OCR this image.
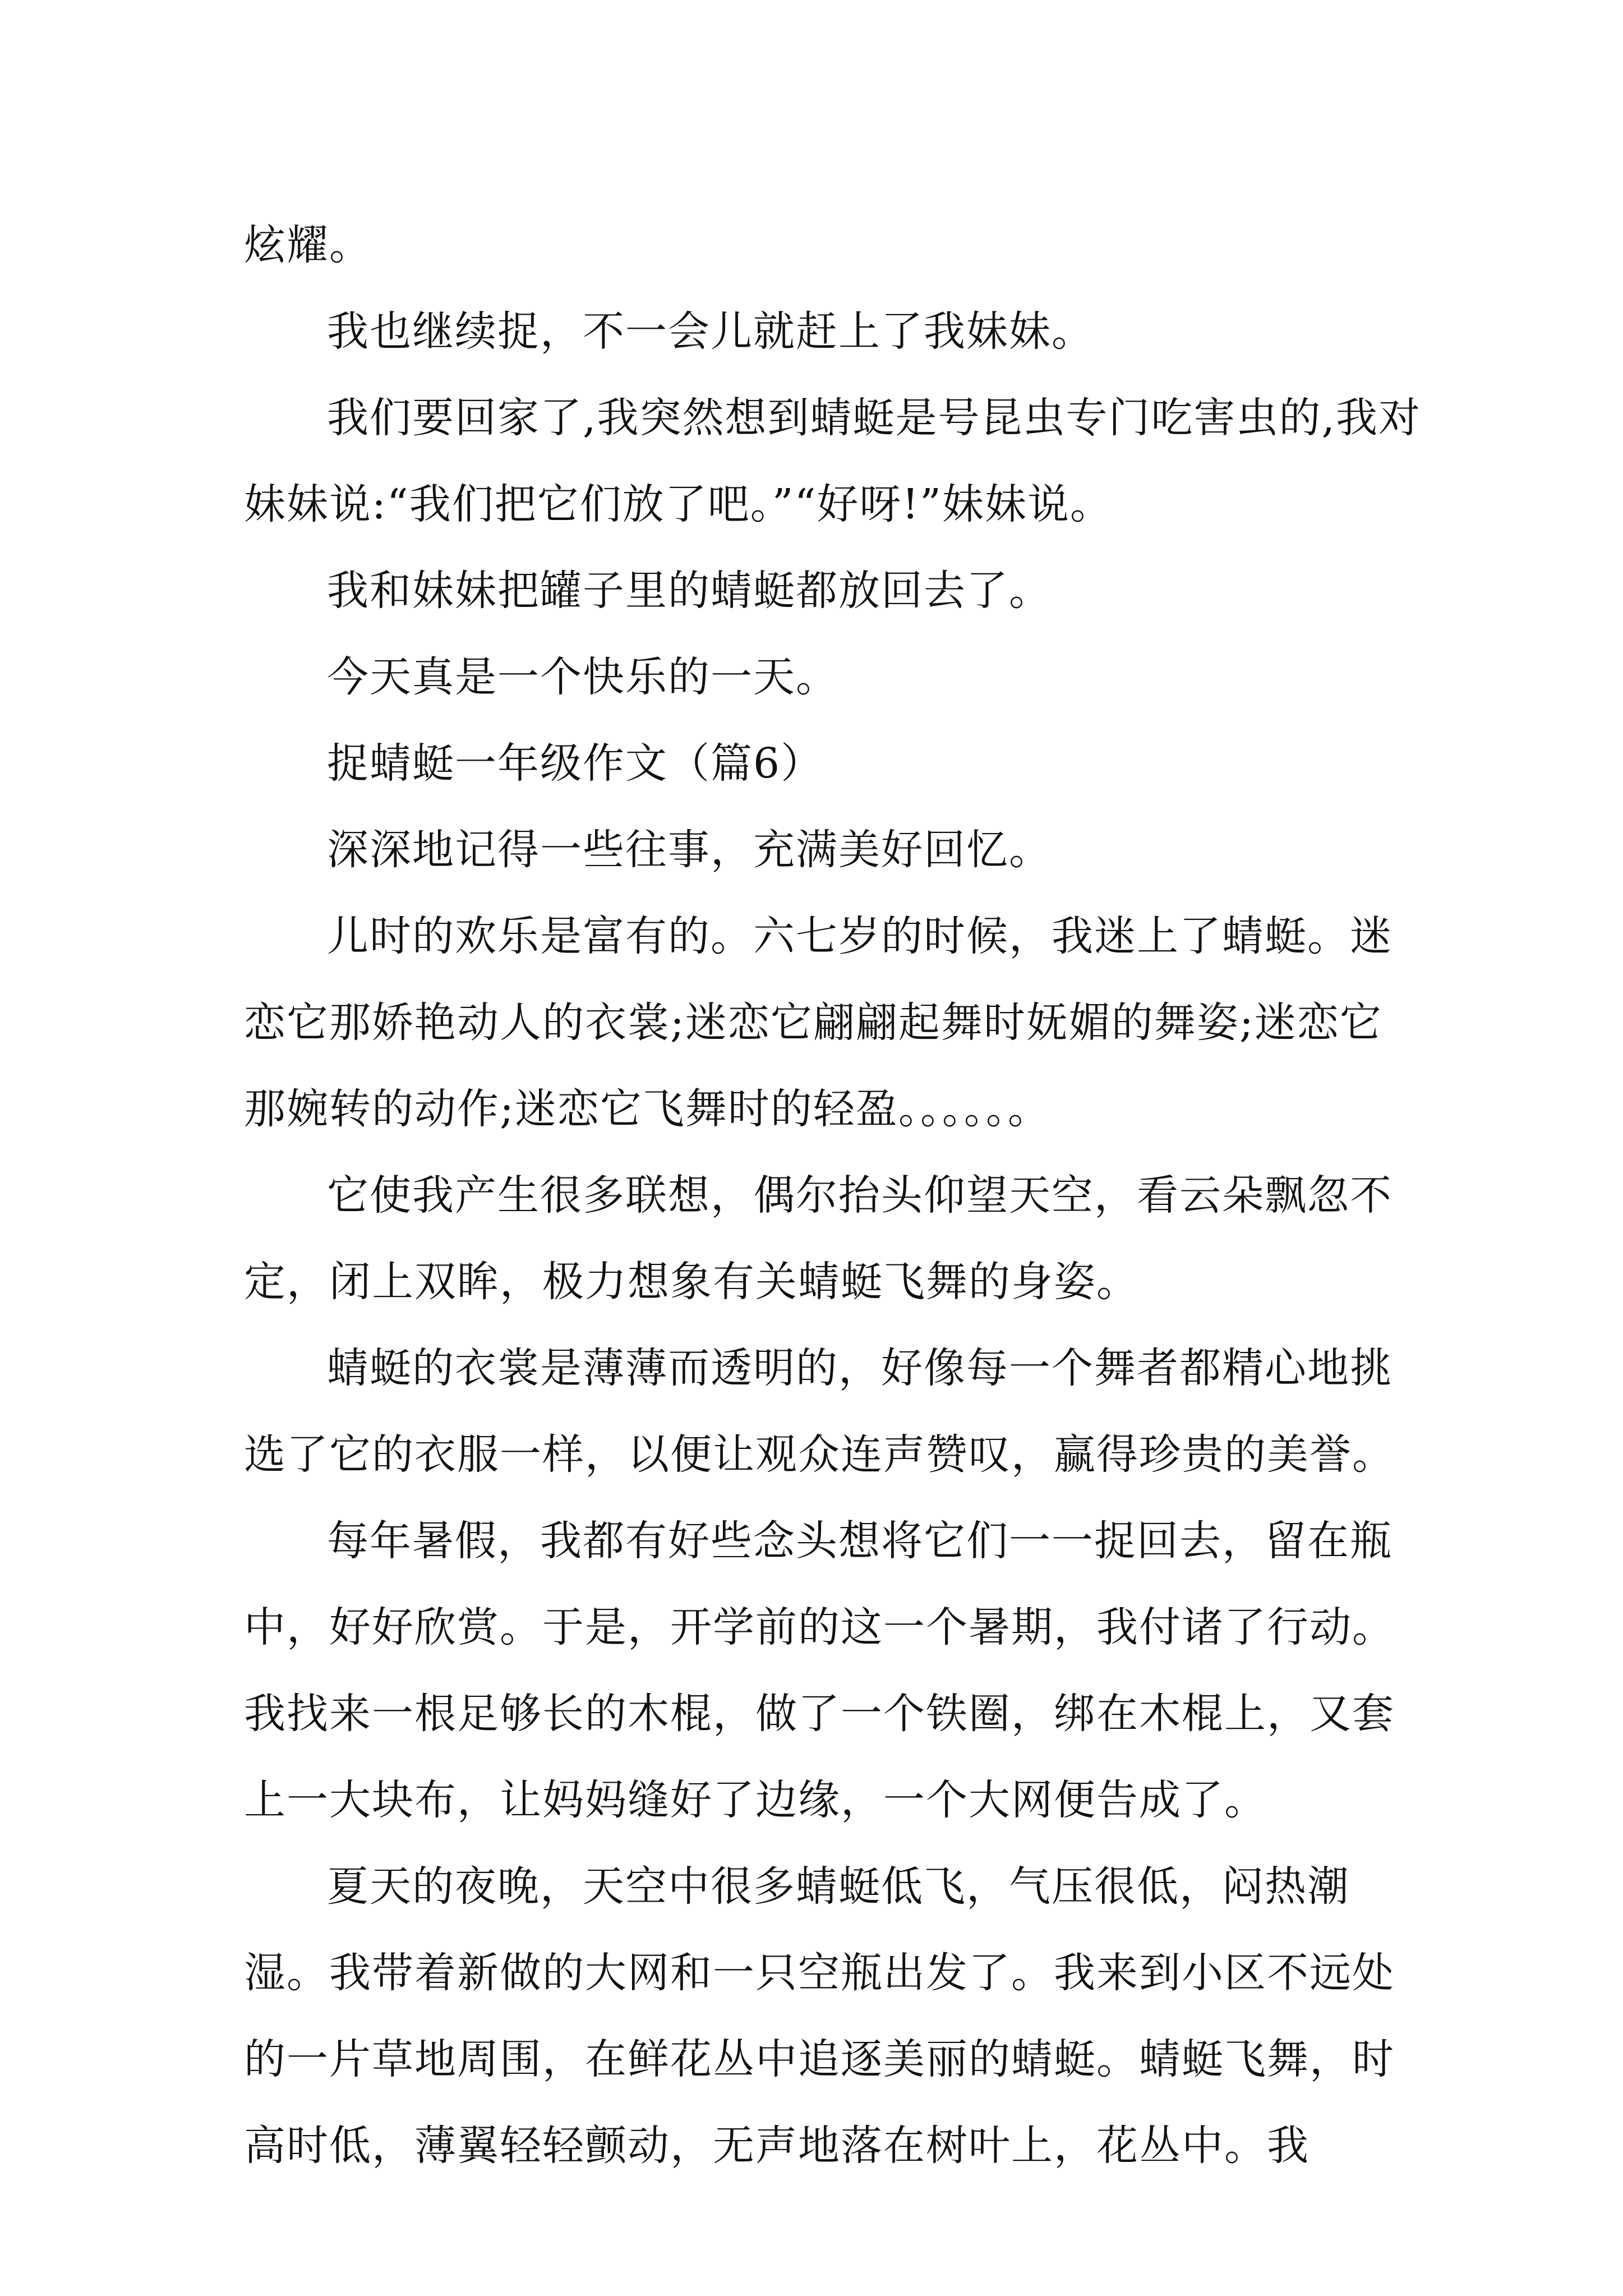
炫耀。

我也继续捉，不一会儿就赶上了我妹妹。

我们要回家了,我突然想到蜻蜓是号昆虫专门吃害虫的,我对妹妹说:“我们把它们放了吧。”“好呀!”妹妹说。

我和妹妹把罐子里的蜻蜓都放回去了。

今天真是一个快乐的一天。

捉蜻蜓一年级作文（篇6）

深深地记得一些往事，充满美好回忆。

儿时的欢乐是富有的。六七岁的时候，我迷上了蜻蜓。迷恋它那娇艳动人的衣裳;迷恋它翩翩起舞时妩媚的舞姿;迷恋它那婉转的动作;迷恋它飞舞时的轻盈。。。。。。

它使我产生很多联想，偶尔抬头仰望天空，看云朵飘忽不定，闭上双眸，极力想象有关蜻蜓飞舞的身姿。

蜻蜓的衣裳是薄薄而透明的，好像每一个舞者都精心地挑选了它的衣服一样，以便让观众连声赞叹，赢得珍贵的美誉。

每年暑假，我都有好些念头想将它们一一捉回去，留在瓶中，好好欣赏。于是，开学前的这一个暑期，我付诸了行动。我找来一根足够长的木棍，做了一个铁圈，绑在木棍上，又套上一大块布，让妈妈缝好了边缘，一个大网便告成了。

夏天的夜晚，天空中很多蜻蜓低飞，气压很低，闷热潮湿。我带着新做的大网和一只空瓶出发了。我来到小区不远处的一片草地周围，在鲜花丛中追逐美丽的蜻蜓。蜻蜓飞舞，时高时低，薄翼轻轻颤动，无声地落在树叶上，花丛中。我
